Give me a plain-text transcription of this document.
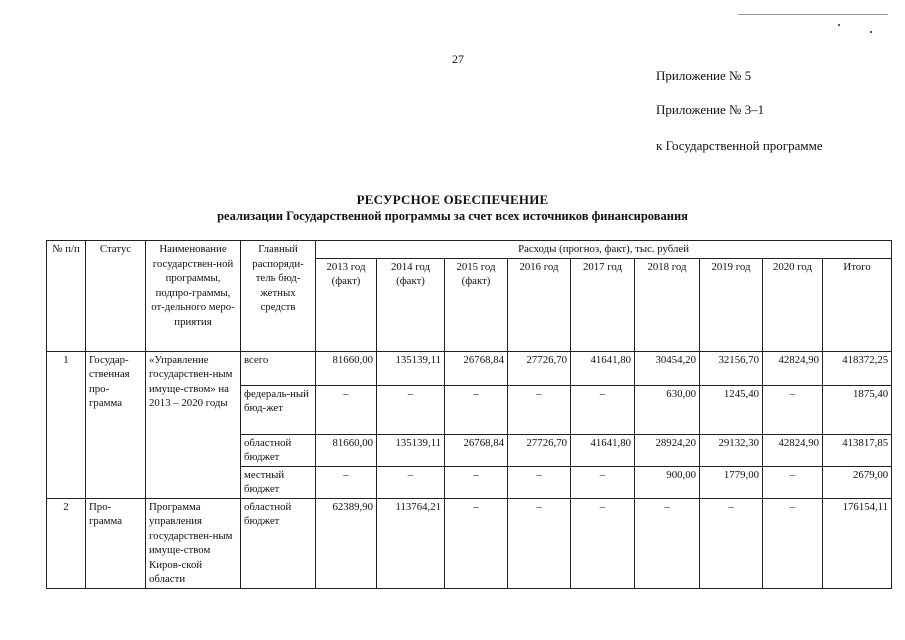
27
Приложение № 5
Приложение № 3–1
к Государственной программе
РЕСУРСНОЕ ОБЕСПЕЧЕНИЕ
реализации Государственной программы за счет всех источников финансирования
№ п/п	Статус	Наименование государствен-ной программы, подпро-граммы, от-дельного меро-приятия	Главный распоряди-тель бюд-жетных средств	Расходы (прогноз, факт), тыс. рублей								
				2013 год (факт)	2014 год (факт)	2015 год (факт)	2016 год	2017 год	2018 год	2019 год	2020 год	Итого
1	Государ-ственная про-грамма	«Управление государствен-ным имуще-ством» на 2013 – 2020 годы	всего	81660,00	135139,11	26768,84	27726,70	41641,80	30454,20	32156,70	42824,90	418372,25
			федераль-ный бюд-жет	–	–	–	–	–	630,00	1245,40	–	1875,40
			областной бюджет	81660,00	135139,11	26768,84	27726,70	41641,80	28924,20	29132,30	42824,90	413817,85
			местный бюджет	–	–	–	–	–	900,00	1779,00	–	2679,00
2	Про-грамма	Программа управления государствен-ным имуще-ством Киров-ской области	областной бюджет	62389,90	113764,21	–	–	–	–	–	–	176154,11
